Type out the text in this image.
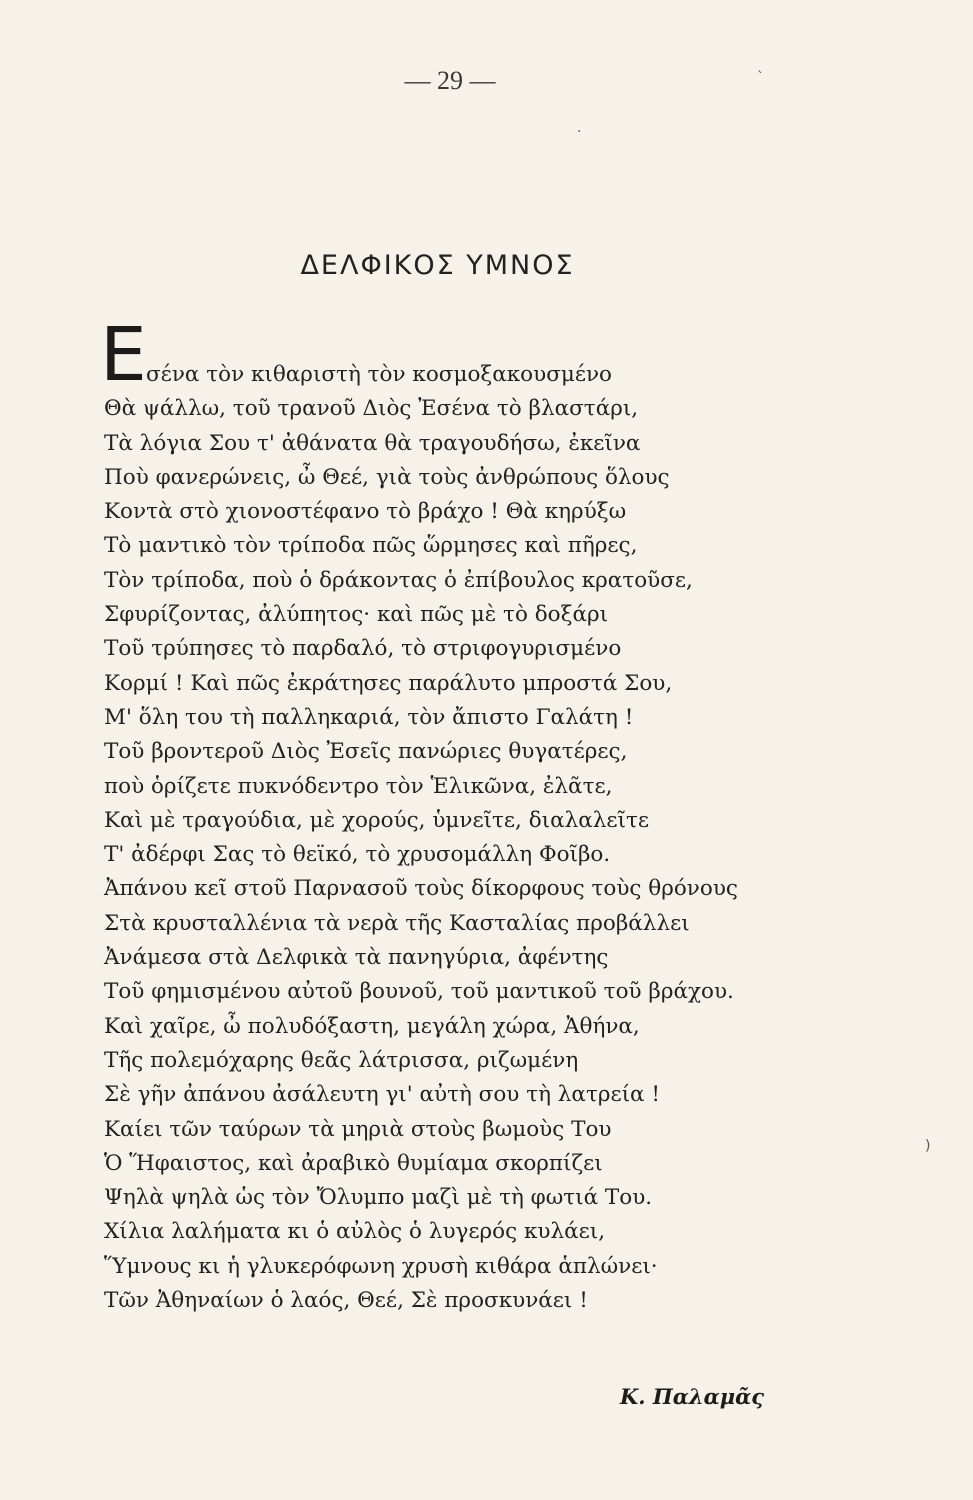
— 29 —
ΔΕΛΦΙΚΟΣ ΥΜΝΟΣ
Ε σένα τὸν κιθαριστὴ τὸν κοσμοξακουσμένο
Θὰ ψάλλω, τοῦ τρανοῦ Διὸς Ἐσένα τὸ βλαστάρι,
Τὰ λόγια Σου τ' ἀθάνατα θὰ τραγουδήσω, ἐκεῖνα
Ποὺ φανερώνεις, ὦ Θεέ, γιὰ τοὺς ἀνθρώπους ὅλους
Κοντὰ στὸ χιονοστέφανο τὸ βράχο ! Θὰ κηρύξω
Τὸ μαντικὸ τὸν τρίποδα πῶς ὥρμησες καὶ πῆρες,
Τὸν τρίποδα, ποὺ ὁ δράκοντας ὁ ἐπίβουλος κρατοῦσε,
Σφυρίζοντας, ἀλύπητος· καὶ πῶς μὲ τὸ δοξάρι
Τοῦ τρύπησες τὸ παρδαλό, τὸ στριφογυρισμένο
Κορμί ! Καὶ πῶς ἐκράτησες παράλυτο μπροστά Σου,
Μ' ὅλη του τὴ παλληκαριά, τὸν ἄπιστο Γαλάτη !
Τοῦ βροντεροῦ Διὸς Ἐσεῖς πανώριες θυγατέρες,
ποὺ ὁρίζετε πυκνόδεντρο τὸν Ἑλικῶνα, ἐλᾶτε,
Καὶ μὲ τραγούδια, μὲ χορούς, ὑμνεῖτε, διαλαλεῖτε
Τ' ἀδέρφι Σας τὸ θεϊκό, τὸ χρυσομάλλη Φοῖβο.
Ἀπάνου κεῖ στοῦ Παρνασοῦ τοὺς δίκορφους τοὺς θρόνους
Στὰ κρυσταλλένια τὰ νερὰ τῆς Κασταλίας προβάλλει
Ἀνάμεσα στὰ Δελφικὰ τὰ πανηγύρια, ἀφέντης
Τοῦ φημισμένου αὐτοῦ βουνοῦ, τοῦ μαντικοῦ τοῦ βράχου.
Καὶ χαῖρε, ὦ πολυδόξαστη, μεγάλη χώρα, Ἀθήνα,
Τῆς πολεμόχαρης θεᾶς λάτρισσα, ριζωμένη
Σὲ γῆν ἀπάνου ἀσάλευτη γι' αὐτὴ σου τὴ λατρεία !
Καίει τῶν ταύρων τὰ μηριὰ στοὺς βωμοὺς Του
Ὁ Ἥφαιστος, καὶ ἀραβικὸ θυμίαμα σκορπίζει
Ψηλὰ ψηλὰ ὡς τὸν Ὄλυμπο μαζὶ μὲ τὴ φωτιά Του.
Χίλια λαλήματα κι ὁ αὐλὸς ὁ λυγερός κυλάει,
Ὕμνους κι ἡ γλυκερόφωνη χρυσὴ κιθάρα ἁπλώνει·
Τῶν Ἀθηναίων ὁ λαός, Θεέ, Σὲ προσκυνάει !
Κ. Παλαμᾶς
ˋ
·
)
